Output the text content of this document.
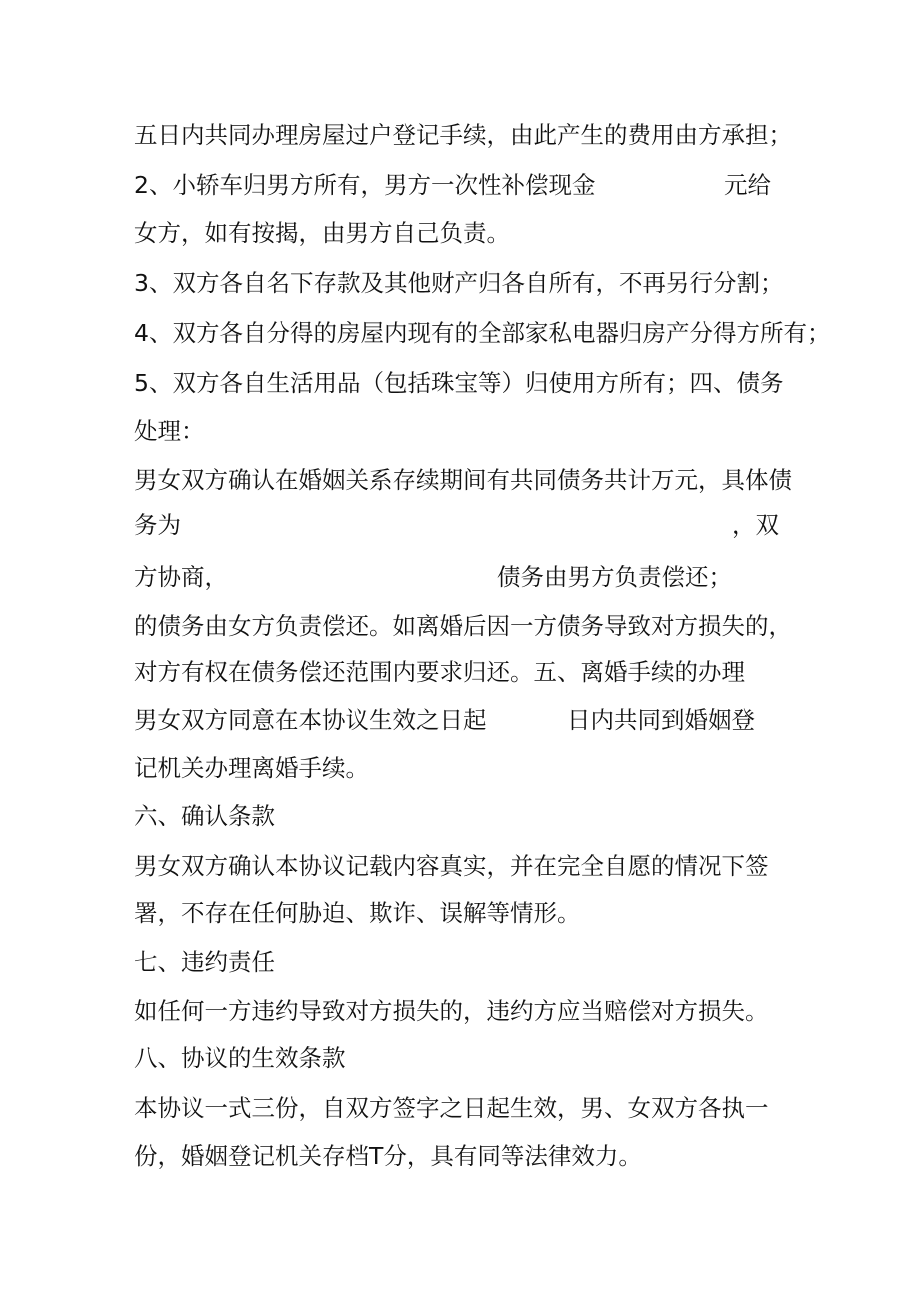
五日内共同办理房屋过户登记手续，由此产生的费用由方承担；
2、小轿车归男方所有，男方一次性补偿现金	元给
女方，如有按揭，由男方自己负责。
3、双方各自名下存款及其他财产归各自所有，不再另行分割；
4、双方各自分得的房屋内现有的全部家私电器归房产分得方所有；
5、双方各自生活用品（包括珠宝等）归使用方所有；四、债务
处理：
男女双方确认在婚姻关系存续期间有共同债务共计万元，具体债
务为	，双
方协商，	债务由男方负责偿还；
的债务由女方负责偿还。如离婚后因一方债务导致对方损失的，
对方有权在债务偿还范围内要求归还。五、离婚手续的办理
男女双方同意在本协议生效之日起	日内共同到婚姻登
记机关办理离婚手续。
六、确认条款
男女双方确认本协议记载内容真实，并在完全自愿的情况下签
署，不存在任何胁迫、欺诈、误解等情形。
七、违约责任
如任何一方违约导致对方损失的，违约方应当赔偿对方损失。
八、协议的生效条款
本协议一式三份，自双方签字之日起生效，男、女双方各执一
份，婚姻登记机关存档T分，具有同等法律效力。
